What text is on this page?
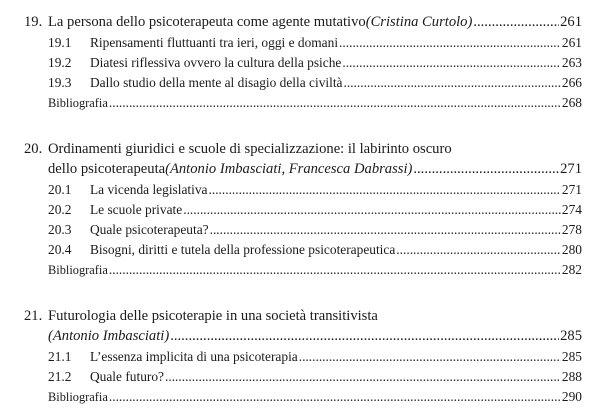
19. La persona dello psicoterapeuta come agente mutativo (Cristina Curtolo) .....	261
19.1	Ripensamenti fluttuanti tra ieri, oggi e domani .....	261
19.2	Diatesi riflessiva ovvero la cultura della psiche .....	263
19.3	Dallo studio della mente al disagio della civiltà .....	266
Bibliografia .....	268
20. Ordinamenti giuridici e scuole di specializzazione: il labirinto oscuro
dello psicoterapeuta (Antonio Imbasciati, Francesca Dabrassi) .....	271
20.1	La vicenda legislativa .....	271
20.2	Le scuole private .....	274
20.3	Quale psicoterapeuta? .....	278
20.4	Bisogni, diritti e tutela della professione psicoterapeutica .....	280
Bibliografia .....	282
21. Futurologia delle psicoterapie in una società transitivista
(Antonio Imbasciati) .....	285
21.1	L’essenza implicita di una psicoterapia .....	285
21.2	Quale futuro? .....	288
Bibliografia .....	290
